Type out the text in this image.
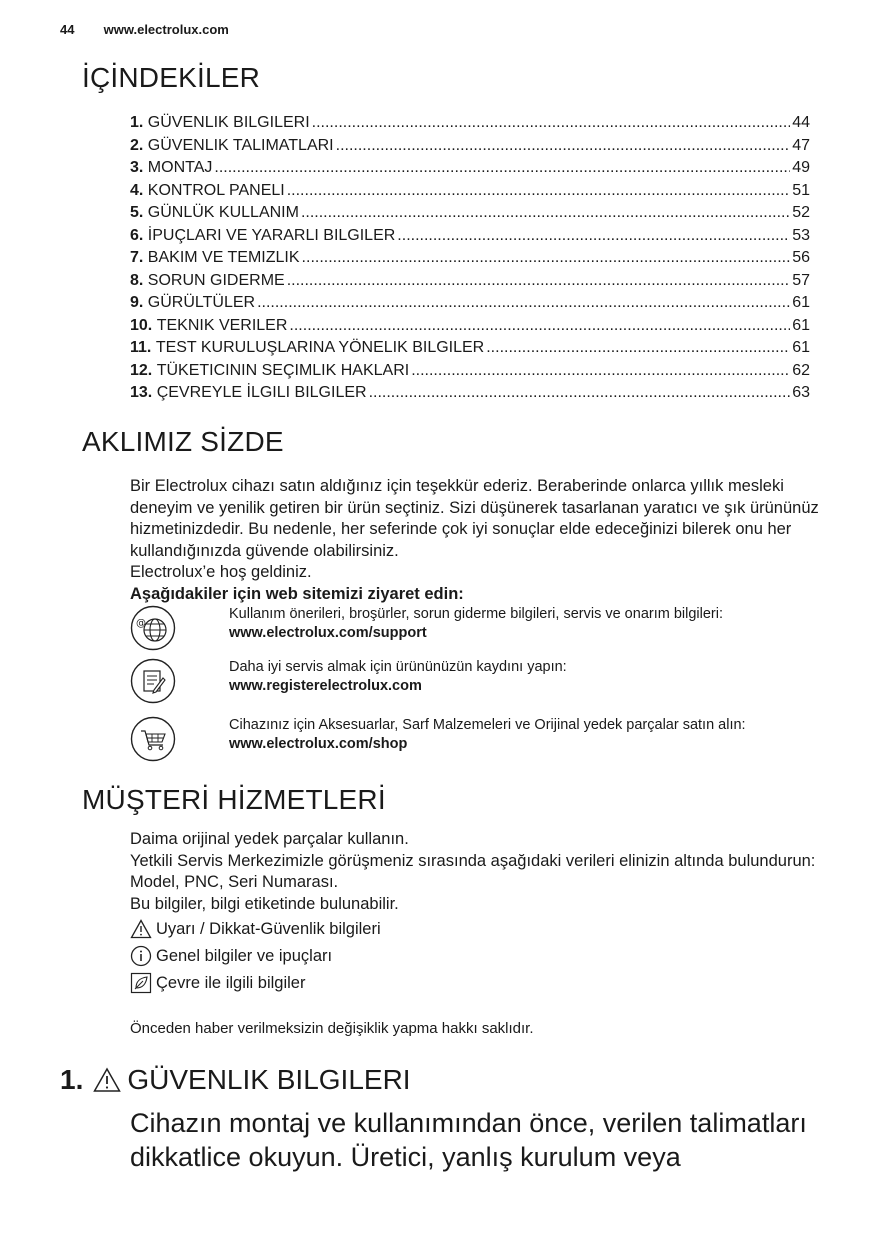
44 www.electrolux.com
İÇİNDEKİLER
1.
GÜVENLIK BILGILERI .....	44
2.
GÜVENLIK TALIMATLARI .....	47
3.
MONTAJ .....	49
4.
KONTROL PANELI .....	51
5.
GÜNLÜK KULLANIM .....	52
6.
İPUÇLARI VE YARARLI BILGILER .....	53
7.
BAKIM VE TEMIZLIK .....	56
8.
SORUN GIDERME .....	57
9.
GÜRÜLTÜLER .....	61
10.
TEKNIK VERILER .....	61
11.
TEST KURULUŞLARINA YÖNELIK BILGILER .....	61
12.
TÜKETICININ SEÇIMLIK HAKLARI .....	62
13.
ÇEVREYLE İLGILI BILGILER .....	63
AKLIMIZ SİZDE
Bir Electrolux cihazı satın aldığınız için teşekkür ederiz. Beraberinde onlarca yıllık mesleki deneyim ve yenilik getiren bir ürün seçtiniz. Sizi düşünerek tasarlanan yaratıcı ve şık ürününüz hizmetinizdedir. Bu nedenle, her seferinde çok iyi sonuçlar elde edeceğinizi bilerek onu her kullandığınızda güvende olabilirsiniz.
Electrolux’e hoş geldiniz.
Aşağıdakiler için web sitemizi ziyaret edin:
@
Kullanım önerileri, broşürler, sorun giderme bilgileri, servis ve onarım bilgileri:
www.electrolux.com/support
Daha iyi servis almak için ürününüzün kaydını yapın:
www.registerelectrolux.com
Cihazınız için Aksesuarlar, Sarf Malzemeleri ve Orijinal yedek parçalar satın alın:
www.electrolux.com/shop
MÜŞTERİ HİZMETLERİ
Daima orijinal yedek parçalar kullanın.
Yetkili Servis Merkezimizle görüşmeniz sırasında aşağıdaki verileri elinizin altında bulundurun: Model, PNC, Seri Numarası.
Bu bilgiler, bilgi etiketinde bulunabilir.
Uyarı / Dikkat-Güvenlik bilgileri
Genel bilgiler ve ipuçları
Çevre ile ilgili bilgiler
Önceden haber verilmeksizin değişiklik yapma hakkı saklıdır.
1. GÜVENLIK BILGILERI
Cihazın montaj ve kullanımından önce, verilen talimatları dikkatlice okuyun. Üretici, yanlış kurulum veya
